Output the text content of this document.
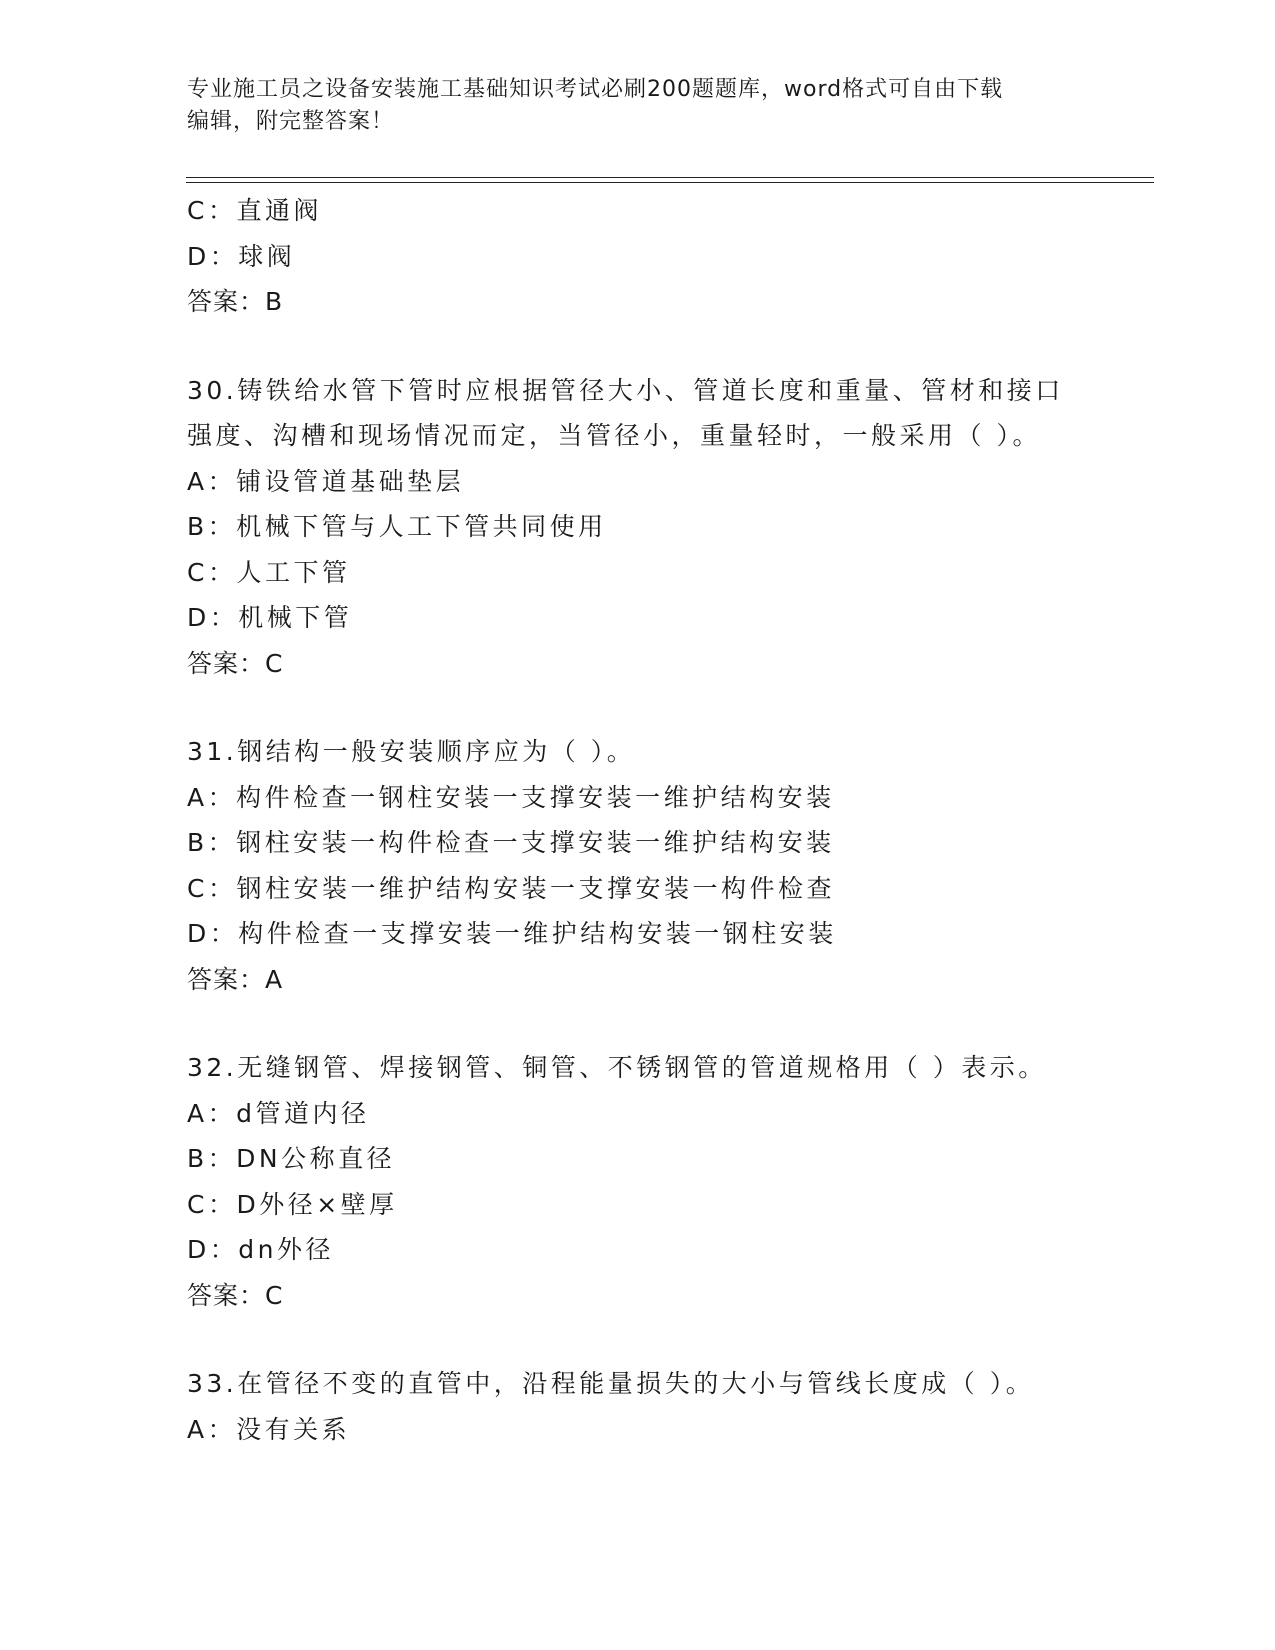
专业施工员之设备安装施工基础知识考试必刷200题题库，word格式可自由下载
编辑，附完整答案！
C：直通阀
D：球阀
答案：B
30.铸铁给水管下管时应根据管径大小、管道长度和重量、管材和接口
强度、沟槽和现场情况而定，当管径小，重量轻时，一般采用（ ）。
A：铺设管道基础垫层
B：机械下管与人工下管共同使用
C：人工下管
D：机械下管
答案：C
31.钢结构一般安装顺序应为（ ）。
A：构件检查一钢柱安装一支撑安装一维护结构安装
B：钢柱安装一构件检查一支撑安装一维护结构安装
C：钢柱安装一维护结构安装一支撑安装一构件检查
D：构件检查一支撑安装一维护结构安装一钢柱安装
答案：A
32.无缝钢管、焊接钢管、铜管、不锈钢管的管道规格用（ ）表示。
A：d管道内径
B：DN公称直径
C：D外径×壁厚
D：dn外径
答案：C
33.在管径不变的直管中，沿程能量损失的大小与管线长度成（ ）。
A：没有关系
